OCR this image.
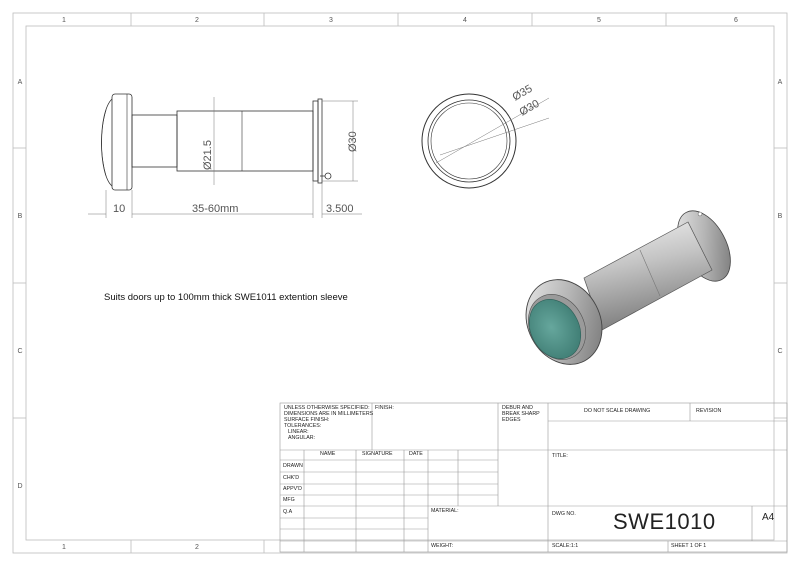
1	2	3	4	5	6
1	2
A
B
C
D
A
B
C
Ø21.5	Ø30
10	35-60mm	3.500
Ø35
Ø30
Suits doors up to 100mm thick SWE1011 extention sleeve
UNLESS OTHERWISE SPECIFIED:
DIMENSIONS ARE IN MILLIMETERS
SURFACE FINISH:
TOLERANCES:
LINEAR:
ANGULAR:
FINISH:	DEBUR AND
BREAK SHARP
EDGES
DO NOT SCALE DRAWING	REVISION
NAME	SIGNATURE	DATE
DRAWN
CHK'D
APPV'D
MFG
Q.A
TITLE:
MATERIAL:	DWG NO. SWE1010	A4
WEIGHT:	SCALE:1:1	SHEET 1 OF 1
